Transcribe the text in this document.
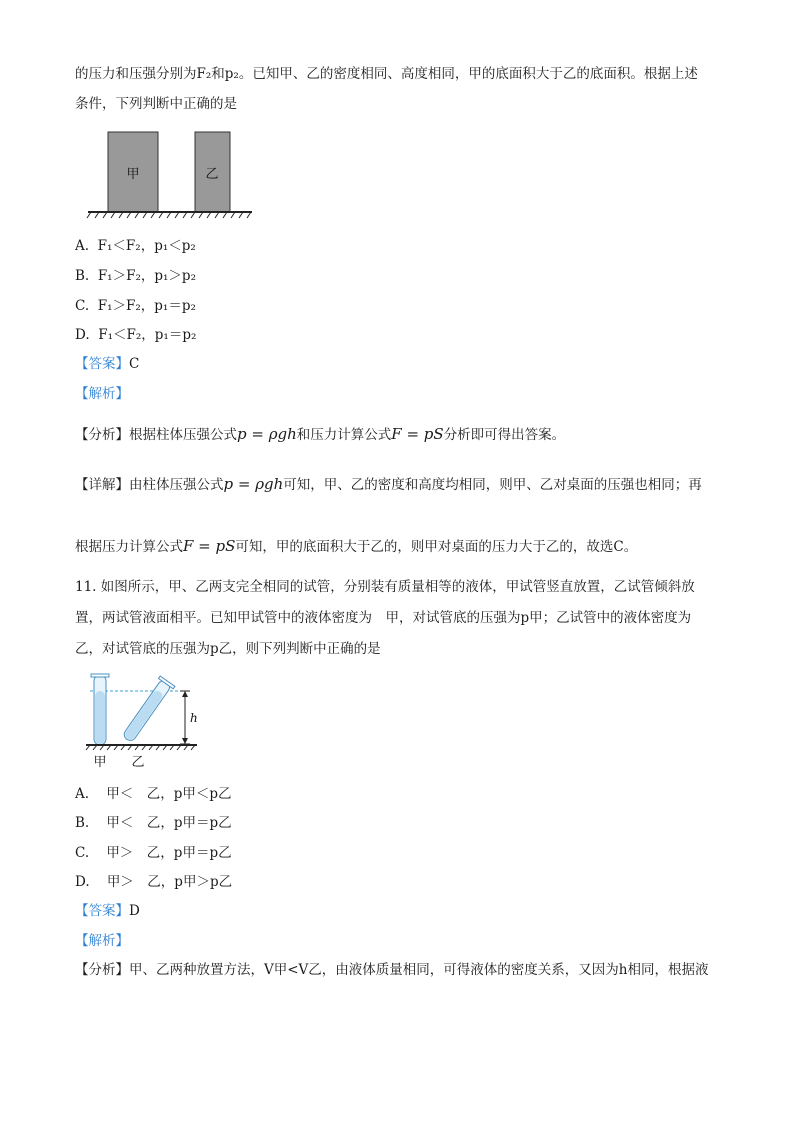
的压力和压强分别为F₂和p₂。已知甲、乙的密度相同、高度相同，甲的底面积大于乙的底面积。根据上述
条件，下列判断中正确的是
甲	乙
A. F₁＜F₂，p₁＜p₂
B. F₁＞F₂，p₁＞p₂
C. F₁＞F₂，p₁＝p₂
D. F₁＜F₂，p₁＝p₂
【答案】C
【解析】
【分析】根据柱体压强公式p = ρgh和压力计算公式F = pS分析即可得出答案。
【详解】由柱体压强公式p = ρgh可知，甲、乙的密度和高度均相同，则甲、乙对桌面的压强也相同；再
根据压力计算公式F = pS可知，甲的底面积大于乙的，则甲对桌面的压力大于乙的，故选C。
11. 如图所示，甲、乙两支完全相同的试管，分别装有质量相等的液体，甲试管竖直放置，乙试管倾斜放
置，两试管液面相平。已知甲试管中的液体密度为　甲，对试管底的压强为p甲；乙试管中的液体密度为
乙，对试管底的压强为p乙，则下列判断中正确的是
h
甲 乙
A. 甲＜　乙，p甲＜p乙
B. 甲＜　乙，p甲＝p乙
C. 甲＞　乙，p甲＝p乙
D. 甲＞　乙，p甲＞p乙
【答案】D
【解析】
【分析】甲、乙两种放置方法，V甲<V乙，由液体质量相同，可得液体的密度关系，又因为h相同，根据液
